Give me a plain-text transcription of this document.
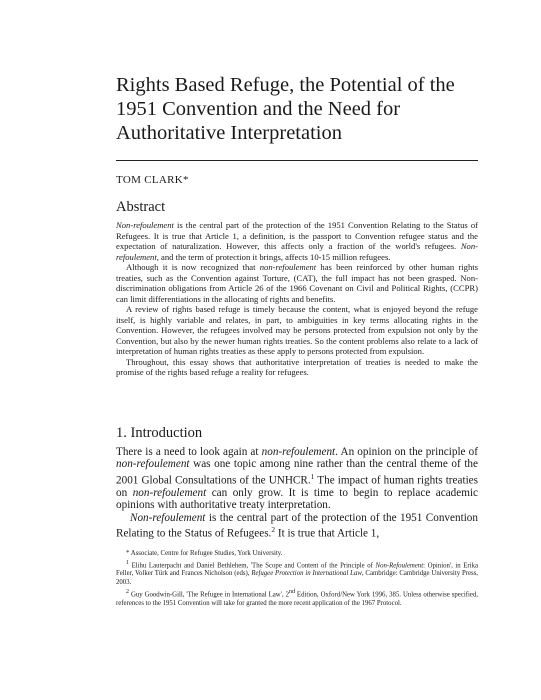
Rights Based Refuge, the Potential of the
1951 Convention and the Need for
Authoritative Interpretation
TOM CLARK*
Abstract

Non-refoulement is the central part of the protection of the 1951 Convention Relating to the Status of Refugees. It is true that Article 1, a definition, is the passport to Convention refugee status and the expectation of naturalization. However, this affects only a fraction of the world's refugees. Non-refoulement, and the term of protection it brings, affects 10-15 million refugees.

Although it is now recognized that non-refoulement has been reinforced by other human rights treaties, such as the Convention against Torture, (CAT), the full impact has not been grasped. Non-discrimination obligations from Article 26 of the 1966 Covenant on Civil and Political Rights, (CCPR) can limit differentiations in the allocating of rights and benefits.

A review of rights based refuge is timely because the content, what is enjoyed beyond the refuge itself, is highly variable and relates, in part, to ambiguities in key terms allocating rights in the Convention. However, the refugees involved may be persons protected from expulsion not only by the Convention, but also by the newer human rights treaties. So the content problems also relate to a lack of interpretation of human rights treaties as these apply to persons protected from expulsion.

Throughout, this essay shows that authoritative interpretation of treaties is needed to make the promise of the rights based refuge a reality for refugees.

1. Introduction

There is a need to look again at non-refoulement. An opinion on the principle of non-refoulement was one topic among nine rather than the central theme of the 2001 Global Consultations of the UNHCR.$^1$ The impact of human rights treaties on non-refoulement can only grow. It is time to begin to replace academic opinions with authoritative treaty interpretation.

Non-refoulement is the central part of the protection of the 1951 Convention Relating to the Status of Refugees.$^2$ It is true that Article 1,

* Associate, Centre for Refugee Studies, York University.

1 Elihu Lauterpacht and Daniel Bethlehem, 'The Scope and Content of the Principle of Non-Refoulement: Opinion', in Erika Feller, Volker Türk and Frances Nicholson (eds), Refugee Protection in International Law, Cambridge: Cambridge University Press, 2003.

2 Guy Goodwin-Gill, 'The Refugee in International Law', 2nd Edition, Oxford/New York 1996, 385. Unless otherwise specified, references to the 1951 Convention will take for granted the more recent application of the 1967 Protocol.
